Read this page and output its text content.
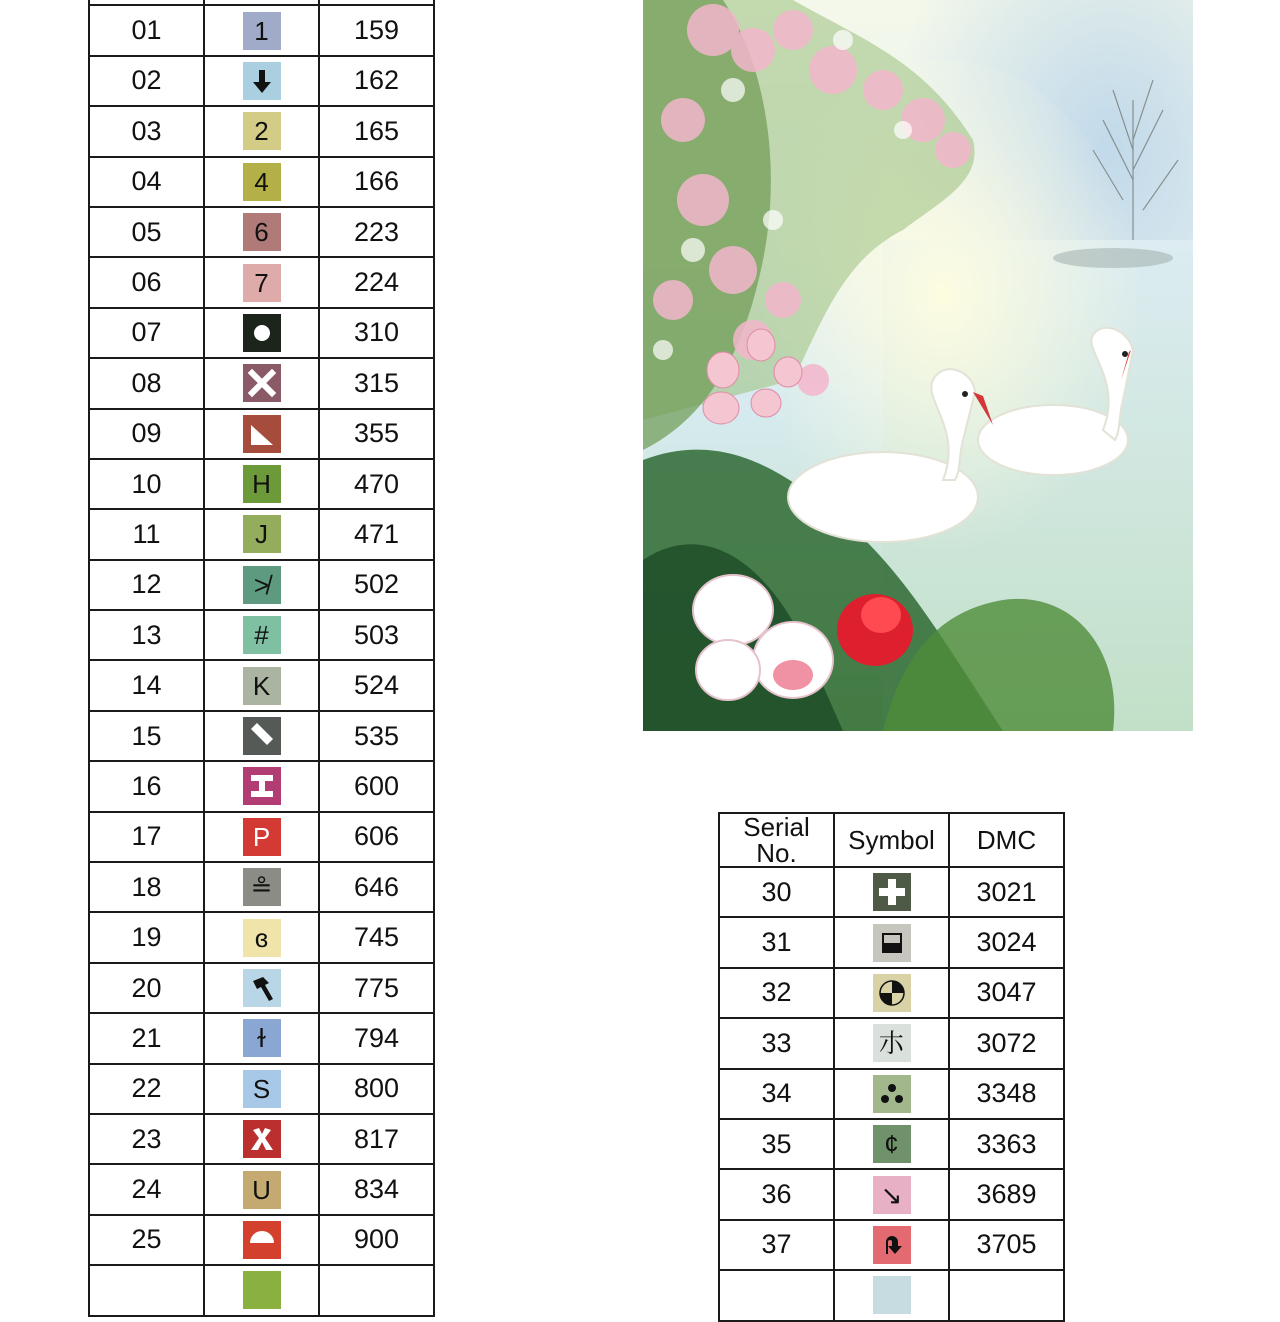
01	1	159
02		162
03	2	165
04	4	166
05	6	223
06	7	224
07		310
08		315
09		355
10	H	470
11	J	471
12	≯	502
13	#	503
14	K	524
15		535
16		600
17	P	606
18	≗	646
19	ɞ	745
20		775
21	ɫ	794
22	S	800
23		817
24	U	834
25		900

Serial No.	Symbol	DMC
30		3021
31		3024
32		3047
33	朩	3072
34		3348
35	¢	3363
36	↘	3689
37		3705
